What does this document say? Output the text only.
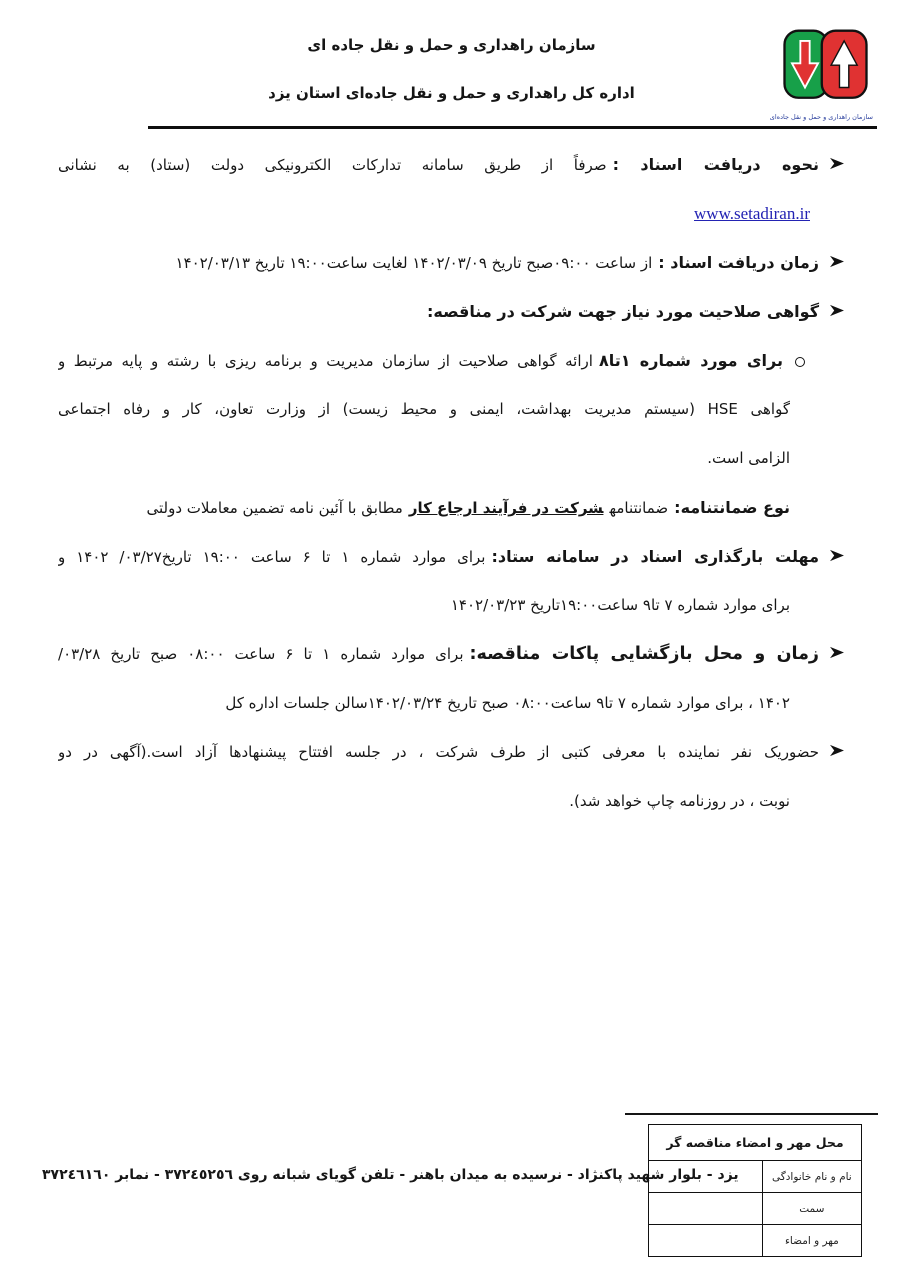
سازمان راهداری و حمل و نقل جاده ای
اداره کل راهداری و حمل و نقل جاده‌ای استان یزد
سازمان راهداری و حمل و نقل جاده‌ای
نحوه دریافت اسناد :صرفاً از طریق سامانه تدارکات الکترونیکی دولت (ستاد) به نشانی
www.setadiran.ir
زمان دریافت اسناد :از ساعت ۰۹:۰۰صبح تاریخ ۱۴۰۲/۰۳/۰۹ لغایت ساعت۱۹:۰۰ تاریخ ۱۴۰۲/۰۳/۱۳
گواهی صلاحیت مورد نیاز جهت شرکت در مناقصه:
برای مورد شماره ۱تا۸ارائه گواهی صلاحیت از سازمان مدیریت و برنامه ریزی با رشته و پایه مرتبط و
گواهی HSE (سیستم مدیریت بهداشت، ایمنی و محیط زیست) از وزارت تعاون، کار و رفاه اجتماعی
الزامی است.
نوع ضمانتنامه:ضمانتنامهشرکت در فرآیند ارجاع کارمطابق با آئین نامه تضمین معاملات دولتی
مهلت بارگذاری اسناد در سامانه ستاد:برای موارد شماره ۱ تا ۶ ساعت ۱۹:۰۰ تاریخ۰۳/۲۷/ ۱۴۰۲ و
برای موارد شماره ۷ تا۹ ساعت۱۹:۰۰تاریخ ۱۴۰۲/۰۳/۲۳
زمان و محل بازگشایی پاکات مناقصه:برای موارد شماره ۱ تا ۶ ساعت ۰۸:۰۰ صبح تاریخ ۰۳/۲۸/
۱۴۰۲ ، برای موارد شماره ۷ تا۹ ساعت۰۸:۰۰ صبح تاریخ ۱۴۰۲/۰۳/۲۴سالن جلسات اداره کل
حضوریک نفر نماینده با معرفی کتبی از طرف شرکت ، در جلسه افتتاح پیشنهادها آزاد است.(آگهی در دو
نوبت ، در روزنامه چاپ خواهد شد).
محل مهر و امضاء مناقصه گر	
نام و نام خانوادگی	
سمت	
مهر و امضاء	
یزد - بلوار شهید پاکنژاد - نرسیده به میدان باهنر - تلفن گویای شبانه روی ٣٧٢٤٥٢٥٦ - نمابر ٣٧٢٤٦١٦٠
